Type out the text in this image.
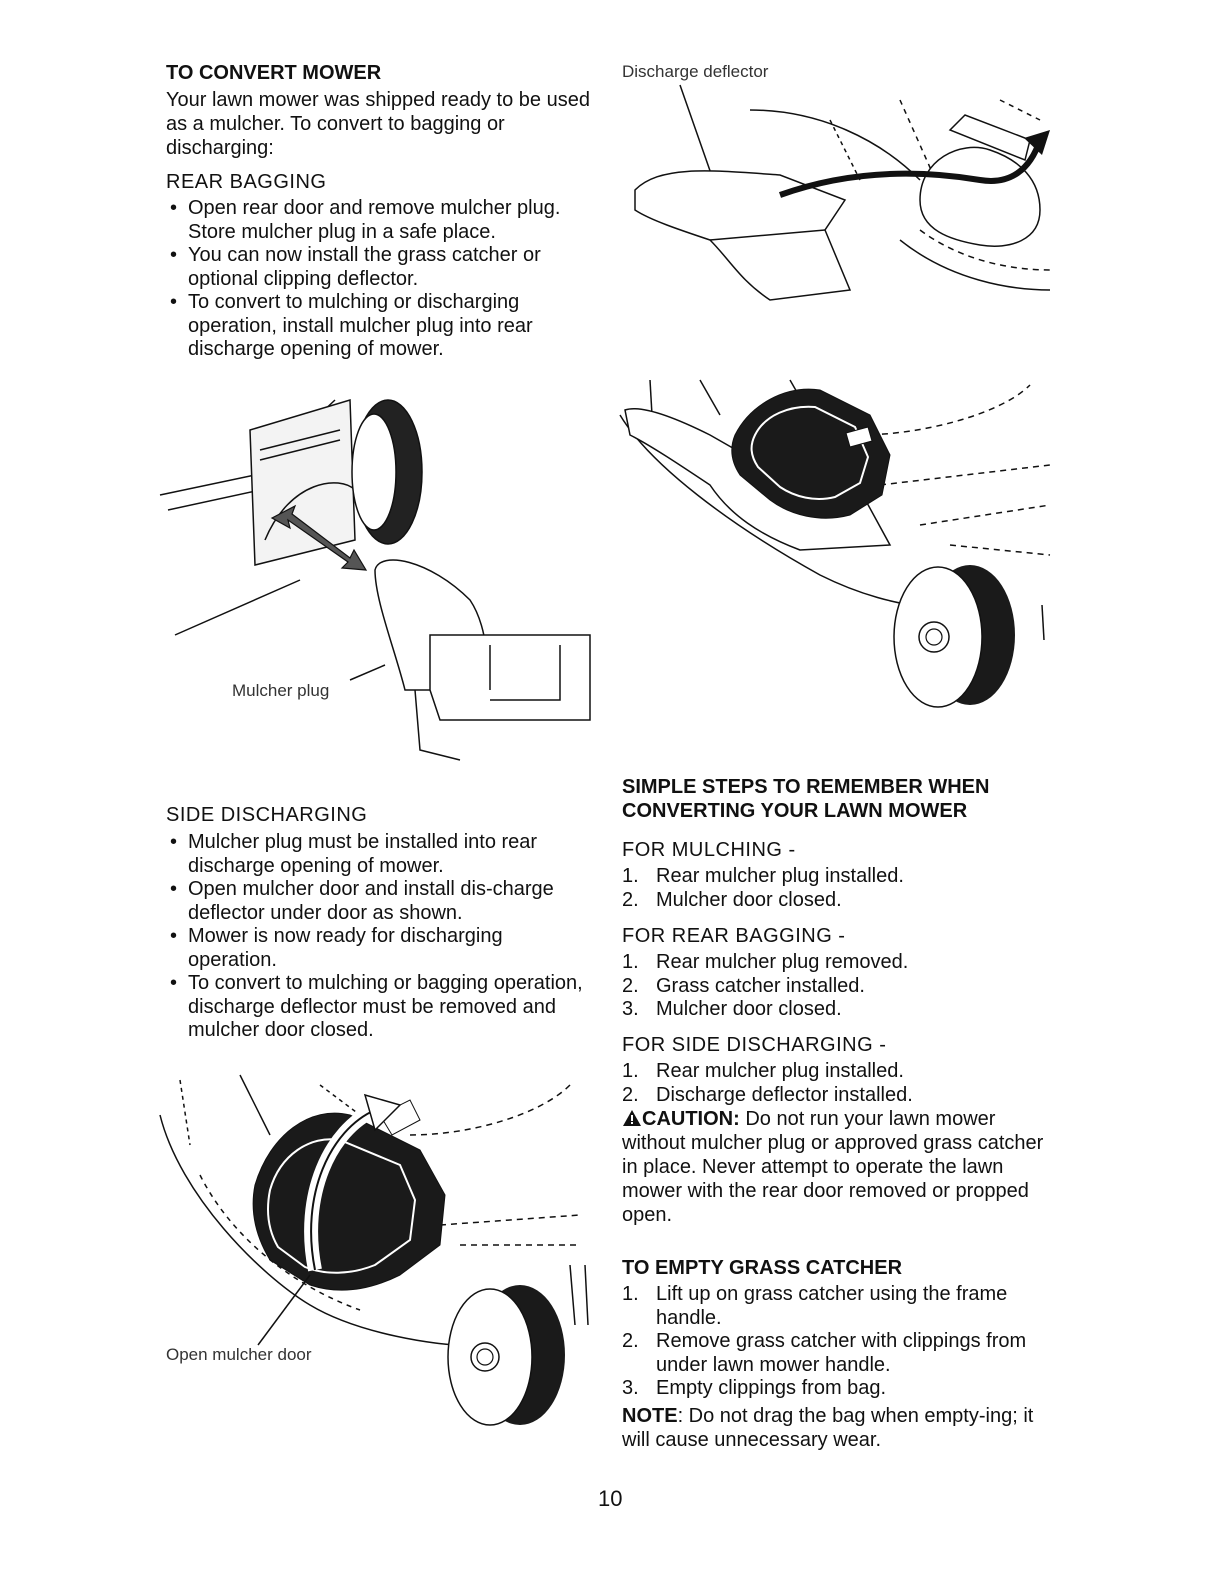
TO CONVERT MOWER
Your lawn mower was shipped ready to be used as a mulcher. To convert to bagging or discharging:
REAR BAGGING
• Open rear door and remove mulcher plug. Store mulcher plug in a safe place.
• You can now install the grass catcher or optional clipping deflector.
• To convert to mulching or discharging operation, install mulcher plug into rear discharge opening of mower.
Mulcher plug
SIDE DISCHARGING
• Mulcher plug must be installed into rear discharge opening of mower.
• Open mulcher door and install dis-charge deflector under door as shown.
• Mower is now ready for discharging operation.
• To convert to mulching or bagging operation, discharge deflector must be removed and mulcher door closed.
Open mulcher door
Discharge deflector
SIMPLE STEPS TO REMEMBER WHEN CONVERTING YOUR LAWN MOWER
FOR MULCHING -
1. Rear mulcher plug installed.
2. Mulcher door closed.
FOR REAR BAGGING -
1. Rear mulcher plug removed.
2. Grass catcher installed.
3. Mulcher door closed.
FOR SIDE DISCHARGING -
1. Rear mulcher plug installed.
2. Discharge deflector installed.
CAUTION: Do not run your lawn mower without mulcher plug or approved grass catcher in place. Never attempt to operate the lawn mower with the rear door removed or propped open.
TO EMPTY GRASS CATCHER
1. Lift up on grass catcher using the frame handle.
2. Remove grass catcher with clippings from under lawn mower handle.
3. Empty clippings from bag.
NOTE: Do not drag the bag when empty-ing; it will cause unnecessary wear.
10
